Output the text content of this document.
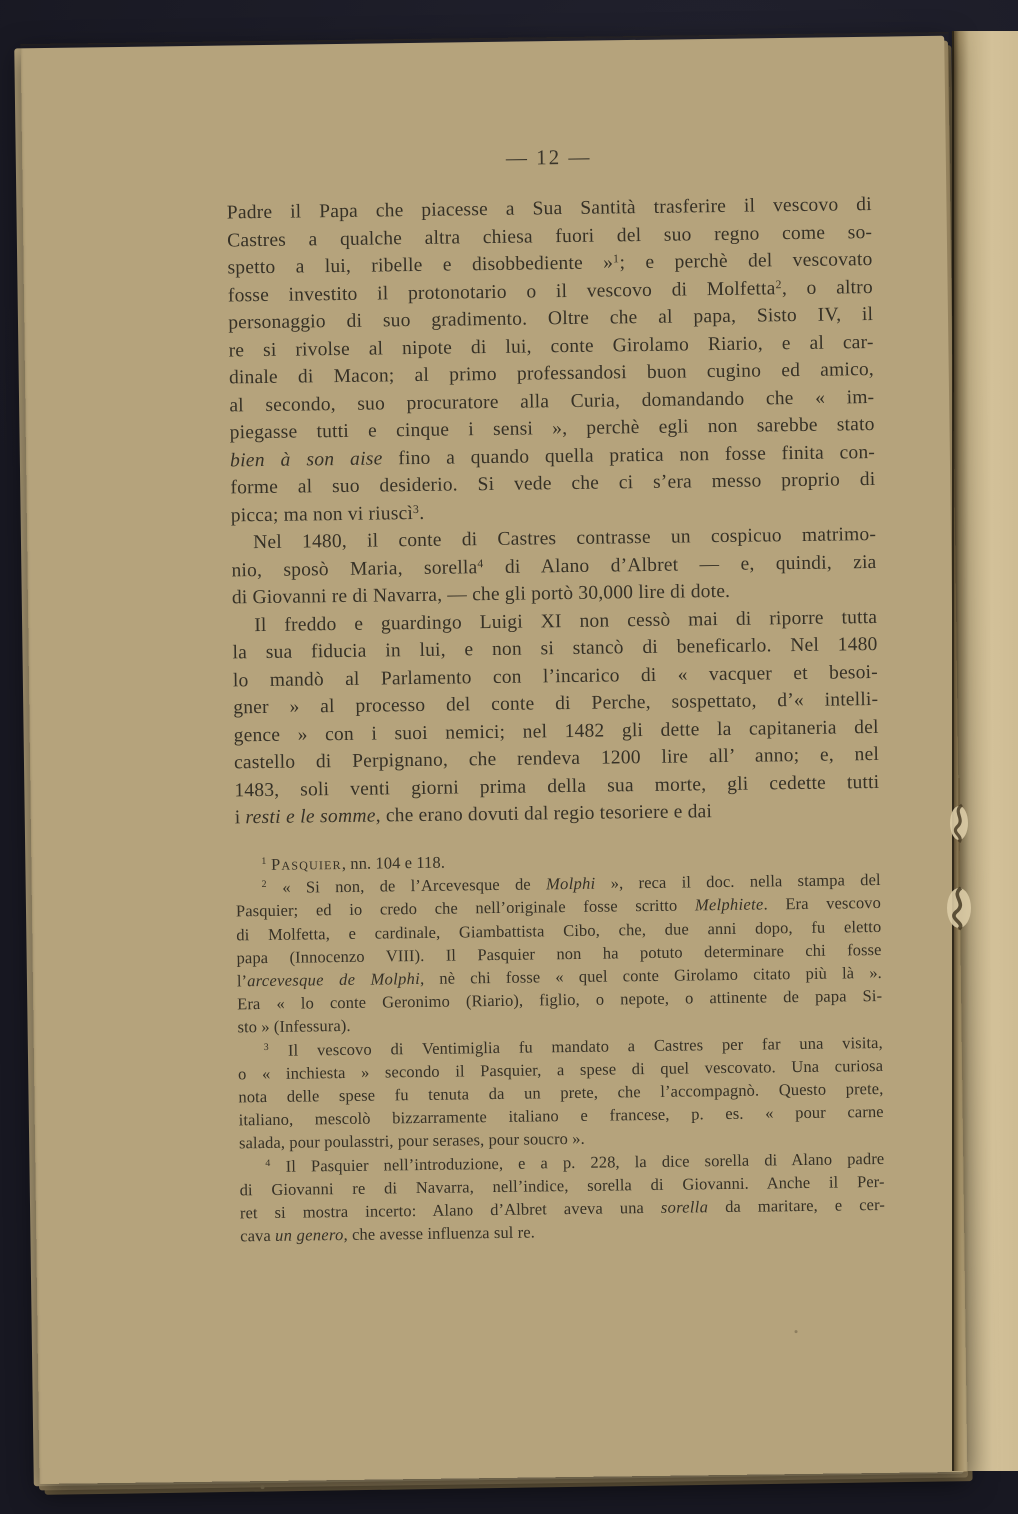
— 12 —
Padre il Papa che piacesse a Sua Santità trasferire il vescovo di
Castres a qualche altra chiesa fuori del suo regno come so-
spetto a lui, ribelle e disobbediente »$^1$; e perchè del vescovato
fosse investito il protonotario o il vescovo di Molfetta$^2$, o altro
personaggio di suo gradimento. Oltre che al papa, Sisto IV, il
re si rivolse al nipote di lui, conte Girolamo Riario, e al car-
dinale di Macon; al primo professandosi buon cugino ed amico,
al secondo, suo procuratore alla Curia, domandando che « im-
piegasse tutti e cinque i sensi », perchè egli non sarebbe stato
bien à son aise fino a quando quella pratica non fosse finita con-
forme al suo desiderio. Si vede che ci s’era messo proprio di
picca; ma non vi riuscì$^3$.
Nel 1480, il conte di Castres contrasse un cospicuo matrimo-
nio, sposò Maria, sorella$^4$ di Alano d’Albret — e, quindi, zia
di Giovanni re di Navarra, — che gli portò 30,000 lire di dote.
Il freddo e guardingo Luigi XI non cessò mai di riporre tutta
la sua fiducia in lui, e non si stancò di beneficarlo. Nel 1480
lo mandò al Parlamento con l’incarico di « vacquer et besoi-
gner » al processo del conte di Perche, sospettato, d’« intelli-
gence » con i suoi nemici; nel 1482 gli dette la capitaneria del
castello di Perpignano, che rendeva 1200 lire all’ anno; e, nel
1483, soli venti giorni prima della sua morte, gli cedette tutti
i resti e le somme, che erano dovuti dal regio tesoriere e dai
$^1$ Pasquier, nn. 104 e 118.
$^2$ « Si non, de l’Arcevesque de Molphi », reca il doc. nella stampa del
Pasquier; ed io credo che nell’originale fosse scritto Melphiete. Era vescovo
di Molfetta, e cardinale, Giambattista Cibo, che, due anni dopo, fu eletto
papa (Innocenzo VIII). Il Pasquier non ha potuto determinare chi fosse
l’arcevesque de Molphi, nè chi fosse « quel conte Girolamo citato più là ».
Era « lo conte Geronimo (Riario), figlio, o nepote, o attinente de papa Si-
sto » (Infessura).
$^3$ Il vescovo di Ventimiglia fu mandato a Castres per far una visita,
o « inchiesta » secondo il Pasquier, a spese di quel vescovato. Una curiosa
nota delle spese fu tenuta da un prete, che l’accompagnò. Questo prete,
italiano, mescolò bizzarramente italiano e francese, p. es. « pour carne
salada, pour poulasstri, pour serases, pour soucro ».
$^4$ Il Pasquier nell’introduzione, e a p. 228, la dice sorella di Alano padre
di Giovanni re di Navarra, nell’indice, sorella di Giovanni. Anche il Per-
ret si mostra incerto: Alano d’Albret aveva una sorella da maritare, e cer-
cava un genero, che avesse influenza sul re.
